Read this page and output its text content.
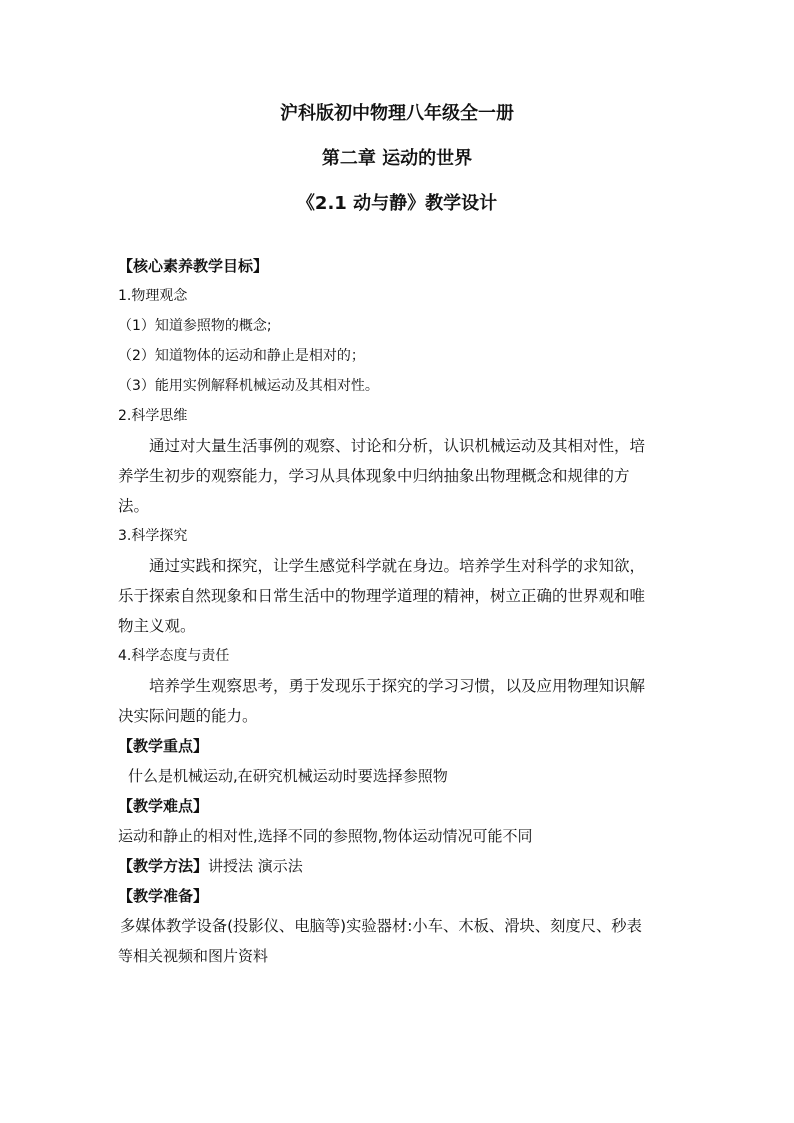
沪科版初中物理八年级全一册

第二章 运动的世界

《2.1 动与静》教学设计

【核心素养教学目标】

1.物理观念

（1）知道参照物的概念;

（2）知道物体的运动和静止是相对的；

（3）能用实例解释机械运动及其相对性。

2.科学思维

通过对大量生活事例的观察、讨论和分析，认识机械运动及其相对性，培

养学生初步的观察能力，学习从具体现象中归纳抽象出物理概念和规律的方

法。

3.科学探究

通过实践和探究，让学生感觉科学就在身边。培养学生对科学的求知欲，

乐于探索自然现象和日常生活中的物理学道理的精神，树立正确的世界观和唯

物主义观。

4.科学态度与责任

培养学生观察思考，勇于发现乐于探究的学习习惯，以及应用物理知识解

决实际问题的能力。

【教学重点】

什么是机械运动,在研究机械运动时要选择参照物

【教学难点】

运动和静止的相对性,选择不同的参照物,物体运动情况可能不同

【教学方法】讲授法 演示法

【教学准备】

多媒体教学设备(投影仪、电脑等)实验器材:小车、木板、滑块、刻度尺、秒表

等相关视频和图片资料
